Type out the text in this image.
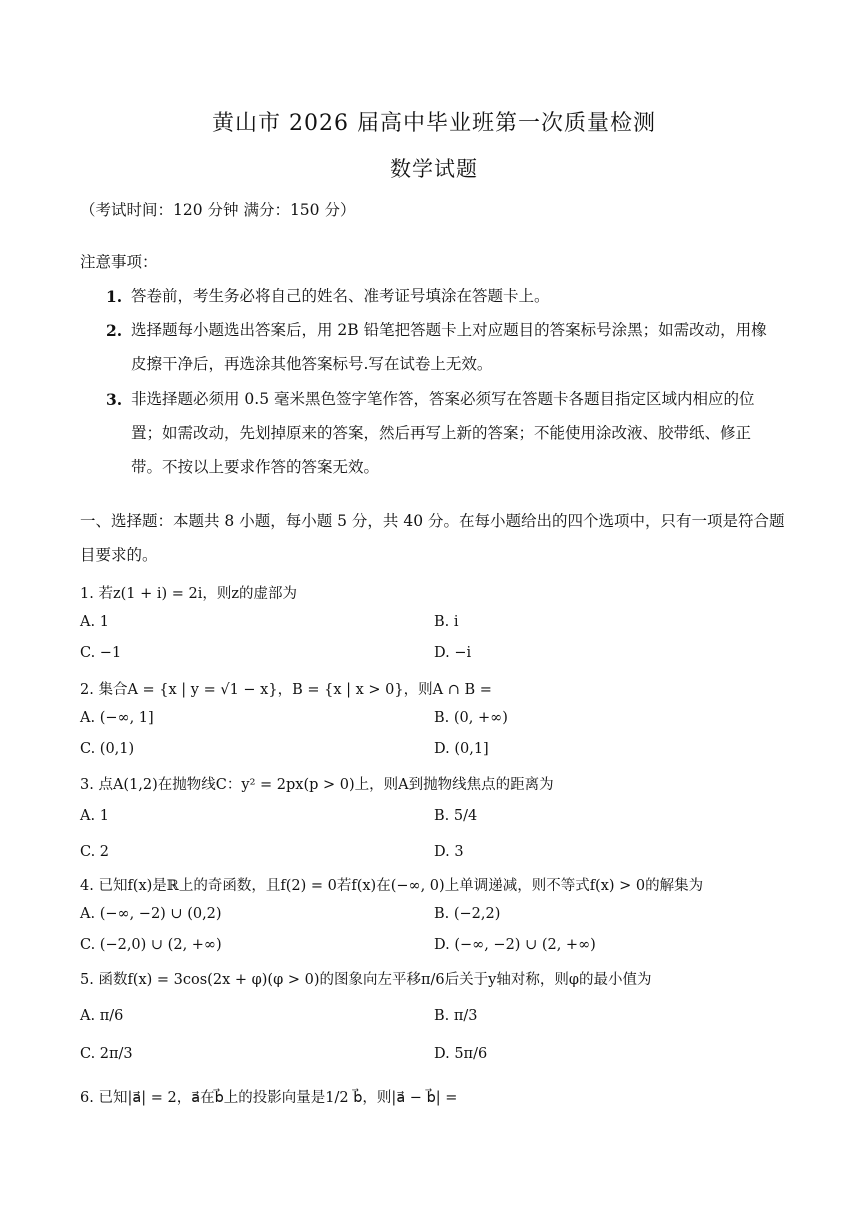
黄山市 2026 届高中毕业班第一次质量检测
数学试题
（考试时间：120 分钟 满分：150 分）
注意事项：
1. 答卷前，考生务必将自己的姓名、准考证号填涂在答题卡上。
2. 选择题每小题选出答案后，用 2B 铅笔把答题卡上对应题目的答案标号涂黑；如需改动，用橡皮擦干净后，再选涂其他答案标号.写在试卷上无效。
3. 非选择题必须用 0.5 毫米黑色签字笔作答，答案必须写在答题卡各题目指定区域内相应的位置；如需改动，先划掉原来的答案，然后再写上新的答案；不能使用涂改液、胶带纸、修正带。不按以上要求作答的答案无效。
一、选择题：本题共 8 小题，每小题 5 分，共 40 分。在每小题给出的四个选项中，只有一项是符合题目要求的。
1. 若z(1 + i) = 2i，则z的虚部为
A. 1	B. i
C. −1	D. −i
2. 集合A = {x | y = √1 − x}，B = {x | x > 0}，则A ∩ B =
A. (−∞, 1]	B. (0, +∞)
C. (0,1)	D. (0,1]
3. 点A(1,2)在抛物线C：y² = 2px(p > 0)上，则A到抛物线焦点的距离为
A. 1	B. 5/4
C. 2	D. 3
4. 已知f(x)是ℝ上的奇函数，且f(2) = 0若f(x)在(−∞, 0)上单调递减，则不等式f(x) > 0的解集为
A. (−∞, −2) ∪ (0,2)	B. (−2,2)
C. (−2,0) ∪ (2, +∞)	D. (−∞, −2) ∪ (2, +∞)
5. 函数f(x) = 3cos(2x + φ)(φ > 0)的图象向左平移π/6后关于y轴对称，则φ的最小值为
A. π/6	B. π/3
C. 2π/3	D. 5π/6
6. 已知|a⃗| = 2，a⃗在b⃗上的投影向量是1/2 b⃗，则|a⃗ − b⃗| =
